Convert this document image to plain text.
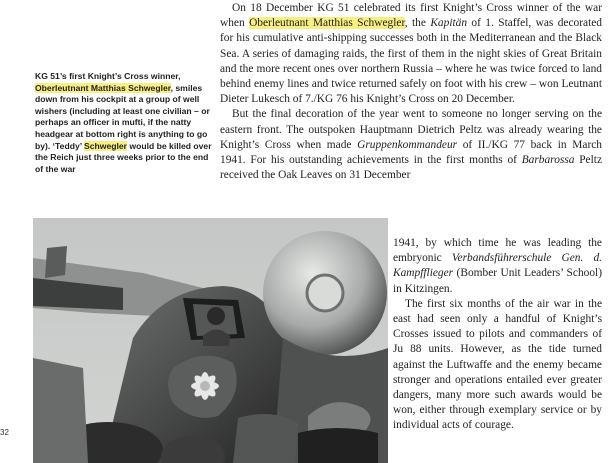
KG 51’s first Knight’s Cross winner, Oberleutnant Matthias Schwegler, smiles down from his cockpit at a group of well wishers (including at least one civilian – or perhaps an officer in mufti, if the natty headgear at bottom right is anything to go by). ‘Teddy’ Schwegler would be killed over the Reich just three weeks prior to the end of the war

On 18 December KG 51 celebrated its first Knight’s Cross winner of the war when Oberleutnant Matthias Schwegler, the Kapitän of 1. Staffel, was decorated for his cumulative anti-shipping successes both in the Mediterranean and the Black Sea. A series of damaging raids, the first of them in the night skies of Great Britain and the more recent ones over northern Russia – where he was twice forced to land behind enemy lines and twice returned safely on foot with his crew – won Leutnant Dieter Lukesch of 7./KG 76 his Knight’s Cross on 20 December.

But the final decoration of the year went to someone no longer serving on the eastern front. The outspoken Hauptmann Dietrich Peltz was already wearing the Knight’s Cross when made Gruppenkommandeur of II./KG 77 back in March 1941. For his outstanding achievements in the first months of Barbarossa Peltz received the Oak Leaves on 31 December

1941, by which time he was leading the embryonic Verbandsführerschule Gen. d. Kampfflieger (Bomber Unit Leaders’ School) in Kitzingen.

The first six months of the air war in the east had seen only a handful of Knight’s Crosses issued to pilots and commanders of Ju 88 units. However, as the tide turned against the Luftwaffe and the enemy became stronger and operations entailed ever greater dangers, many more such awards would be won, either through exemplary service or by individual acts of courage.

32
